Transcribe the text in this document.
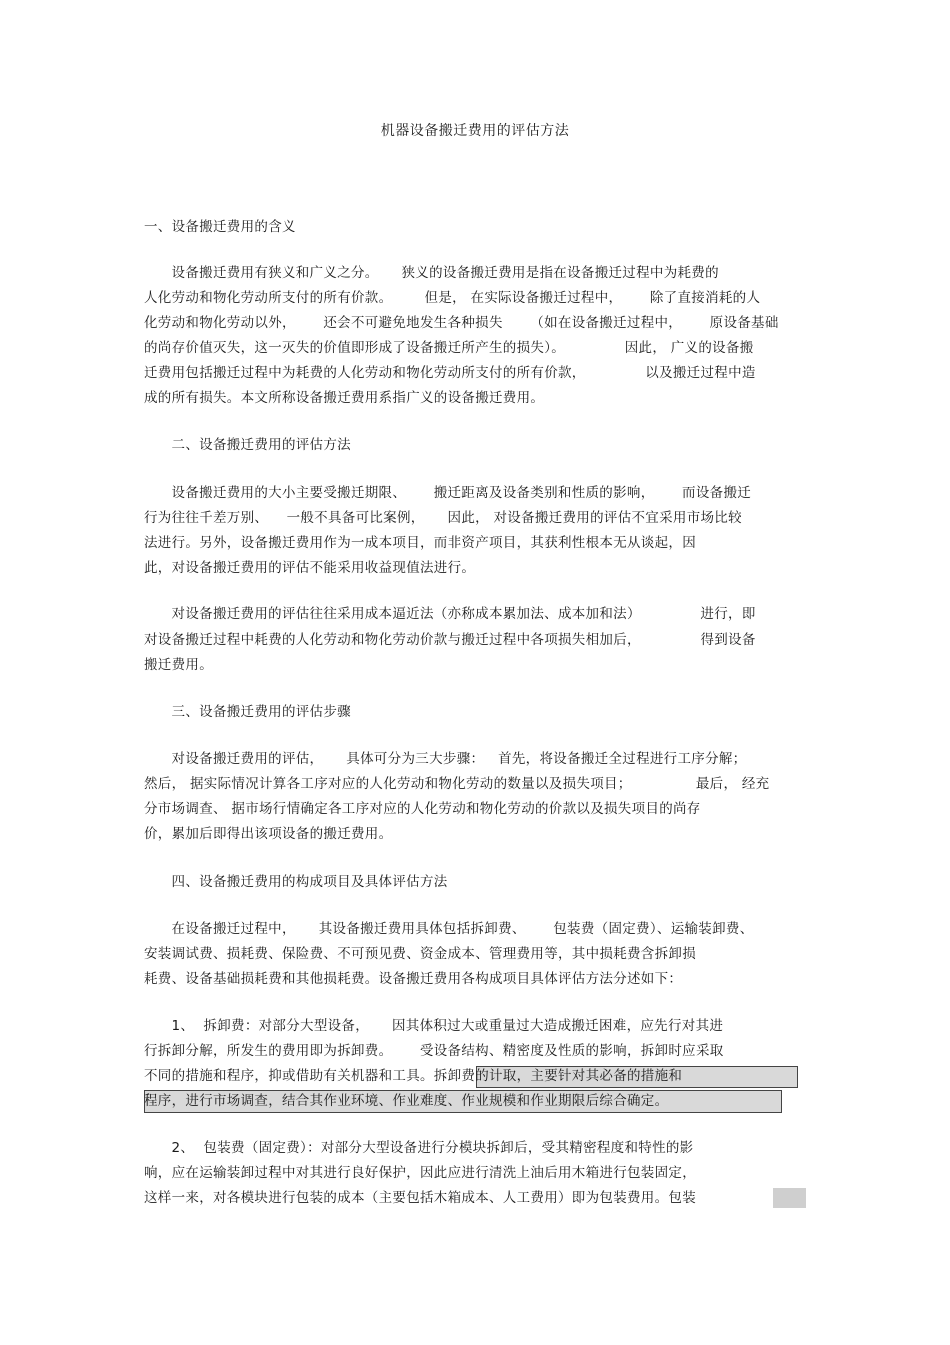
机器设备搬迁费用的评估方法
一、设备搬迁费用的含义
设备搬迁费用有狭义和广义之分。     狭义的设备搬迁费用是指在设备搬迁过程中为耗费的
人化劳动和物化劳动所支付的所有价款。       但是， 在实际设备搬迁过程中，      除了直接消耗的人
化劳动和物化劳动以外，      还会不可避免地发生各种损失      （如在设备搬迁过程中，      原设备基础
的尚存价值灭失，这一灭失的价值即形成了设备搬迁所产生的损失）。             因此， 广义的设备搬
迁费用包括搬迁过程中为耗费的人化劳动和物化劳动所支付的所有价款，             以及搬迁过程中造
成的所有损失。本文所称设备搬迁费用系指广义的设备搬迁费用。
二、设备搬迁费用的评估方法
设备搬迁费用的大小主要受搬迁期限、      搬迁距离及设备类别和性质的影响，      而设备搬迁
行为往往千差万别、    一般不具备可比案例，     因此， 对设备搬迁费用的评估不宜采用市场比较
法进行。另外，设备搬迁费用作为一成本项目，而非资产项目，其获利性根本无从谈起，因
此，对设备搬迁费用的评估不能采用收益现值法进行。
对设备搬迁费用的评估往往采用成本逼近法（亦称成本累加法、成本加和法）             进行，即
对设备搬迁过程中耗费的人化劳动和物化劳动价款与搬迁过程中各项损失相加后，             得到设备
搬迁费用。
三、设备搬迁费用的评估步骤
对设备搬迁费用的评估，     具体可分为三大步骤：   首先，将设备搬迁全过程进行工序分解；
然后， 据实际情况计算各工序对应的人化劳动和物化劳动的数量以及损失项目；              最后， 经充
分市场调查、 据市场行情确定各工序对应的人化劳动和物化劳动的价款以及损失项目的尚存
价，累加后即得出该项设备的搬迁费用。
四、设备搬迁费用的构成项目及具体评估方法
在设备搬迁过程中，     其设备搬迁费用具体包括拆卸费、      包装费（固定费）、运输装卸费、
安装调试费、损耗费、保险费、不可预见费、资金成本、管理费用等，其中损耗费含拆卸损
耗费、设备基础损耗费和其他损耗费。设备搬迁费用各构成项目具体评估方法分述如下：
1、  拆卸费：对部分大型设备，     因其体积过大或重量过大造成搬迁困难，应先行对其进
行拆卸分解，所发生的费用即为拆卸费。      受设备结构、精密度及性质的影响，拆卸时应采取
不同的措施和程序，抑或借助有关机器和工具。拆卸费的计取，主要针对其必备的措施和
程序，进行市场调查，结合其作业环境、作业难度、作业规模和作业期限后综合确定。
2、  包装费（固定费）：对部分大型设备进行分模块拆卸后，受其精密程度和特性的影
响，应在运输装卸过程中对其进行良好保护，因此应进行清洗上油后用木箱进行包装固定，
这样一来，对各模块进行包装的成本（主要包括木箱成本、人工费用）即为包装费用。包装
